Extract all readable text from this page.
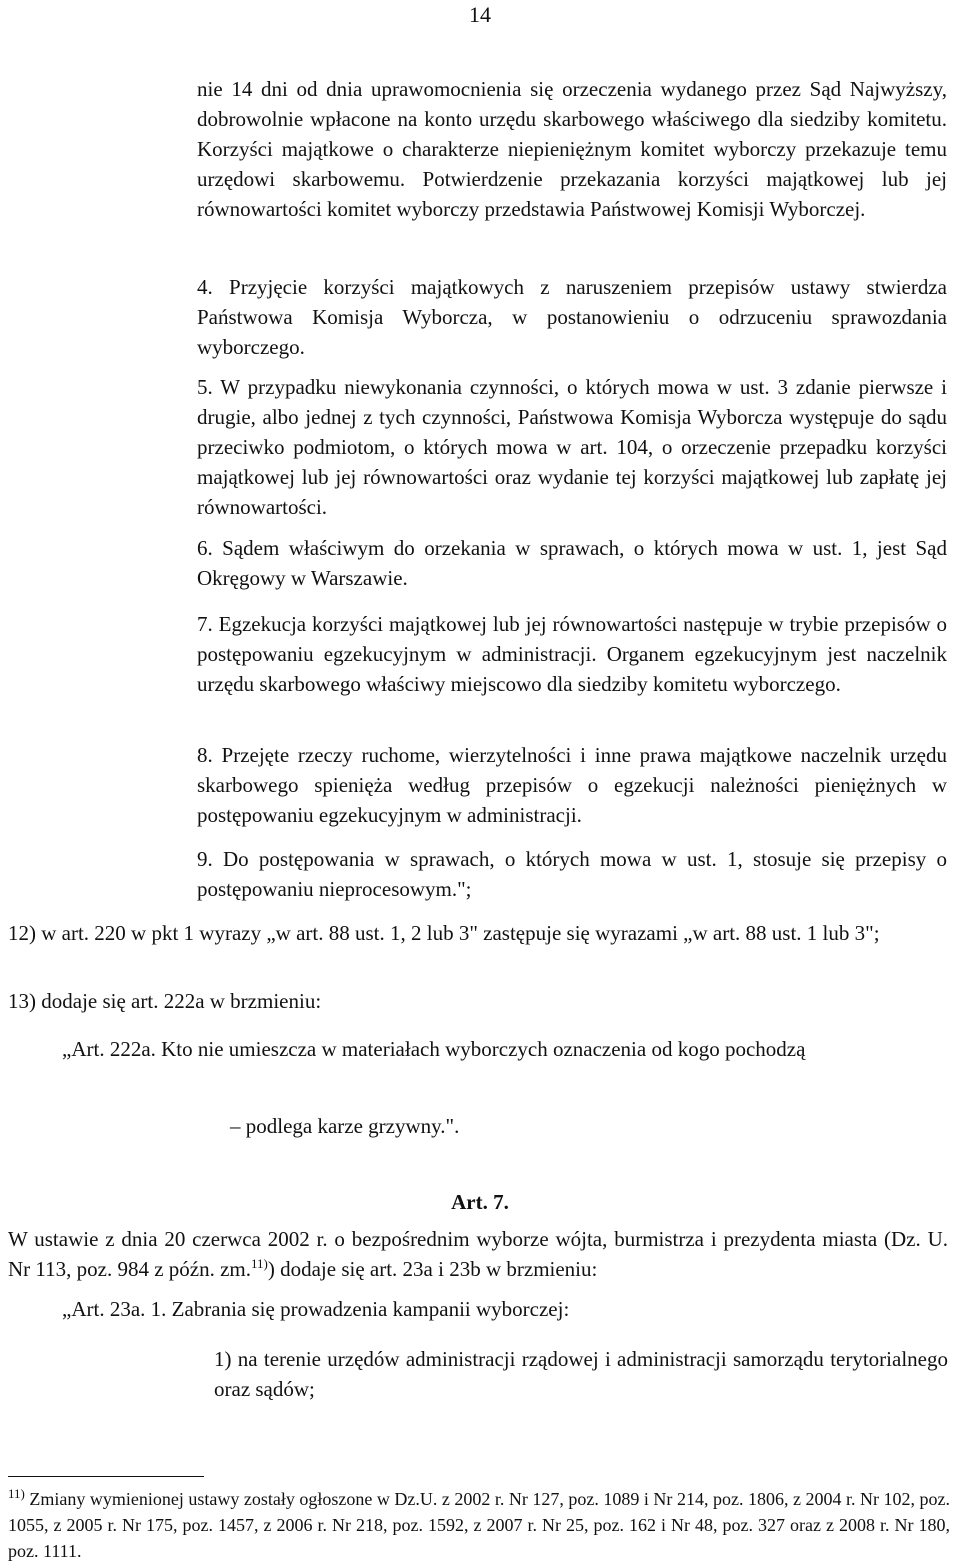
14
nie 14 dni od dnia uprawomocnienia się orzeczenia wydanego przez Sąd Najwyższy, dobrowolnie wpłacone na konto urzędu skarbowego właściwego dla siedziby komitetu. Korzyści majątkowe o charakterze niepieniężnym komitet wyborczy przekazuje temu urzędowi skarbowemu. Potwierdzenie przekazania korzyści majątkowej lub jej równowartości komitet wyborczy przedstawia Państwowej Komisji Wyborczej.
4. Przyjęcie korzyści majątkowych z naruszeniem przepisów ustawy stwierdza Państwowa Komisja Wyborcza, w postanowieniu o odrzuceniu sprawozdania wyborczego.
5. W przypadku niewykonania czynności, o których mowa w ust. 3 zdanie pierwsze i drugie, albo jednej z tych czynności, Państwowa Komisja Wyborcza występuje do sądu przeciwko podmiotom, o których mowa w art. 104, o orzeczenie przepadku korzyści majątkowej lub jej równowartości oraz wydanie tej korzyści majątkowej lub zapłatę jej równowartości.
6. Sądem właściwym do orzekania w sprawach, o których mowa w ust. 1, jest Sąd Okręgowy w Warszawie.
7. Egzekucja korzyści majątkowej lub jej równowartości następuje w trybie przepisów o postępowaniu egzekucyjnym w administracji. Organem egzekucyjnym jest naczelnik urzędu skarbowego właściwy miejscowo dla siedziby komitetu wyborczego.
8. Przejęte rzeczy ruchome, wierzytelności i inne prawa majątkowe naczelnik urzędu skarbowego spienięża według przepisów o egzekucji należności pieniężnych w postępowaniu egzekucyjnym w administracji.
9. Do postępowania w sprawach, o których mowa w ust. 1, stosuje się przepisy o postępowaniu nieprocesowym.";
12) w art. 220 w pkt 1 wyrazy „w art. 88 ust. 1, 2 lub 3" zastępuje się wyrazami „w art. 88 ust. 1 lub 3";
13) dodaje się art. 222a w brzmieniu:
„Art. 222a. Kto nie umieszcza w materiałach wyborczych oznaczenia od kogo pochodzą
– podlega karze grzywny.".
Art. 7.
W ustawie z dnia 20 czerwca 2002 r. o bezpośrednim wyborze wójta, burmistrza i prezydenta miasta (Dz. U. Nr 113, poz. 984 z późn. zm.$^{11)}$) dodaje się art. 23a i 23b w brzmieniu:
„Art. 23a. 1. Zabrania się prowadzenia kampanii wyborczej:
1) na terenie urzędów administracji rządowej i administracji samorządu terytorialnego oraz sądów;
$^{11)}$ Zmiany wymienionej ustawy zostały ogłoszone w Dz.U. z 2002 r. Nr 127, poz. 1089 i Nr 214, poz. 1806, z 2004 r. Nr 102, poz. 1055, z 2005 r. Nr 175, poz. 1457, z 2006 r. Nr 218, poz. 1592, z 2007 r. Nr 25, poz. 162 i Nr 48, poz. 327 oraz z 2008 r. Nr 180, poz. 1111.
